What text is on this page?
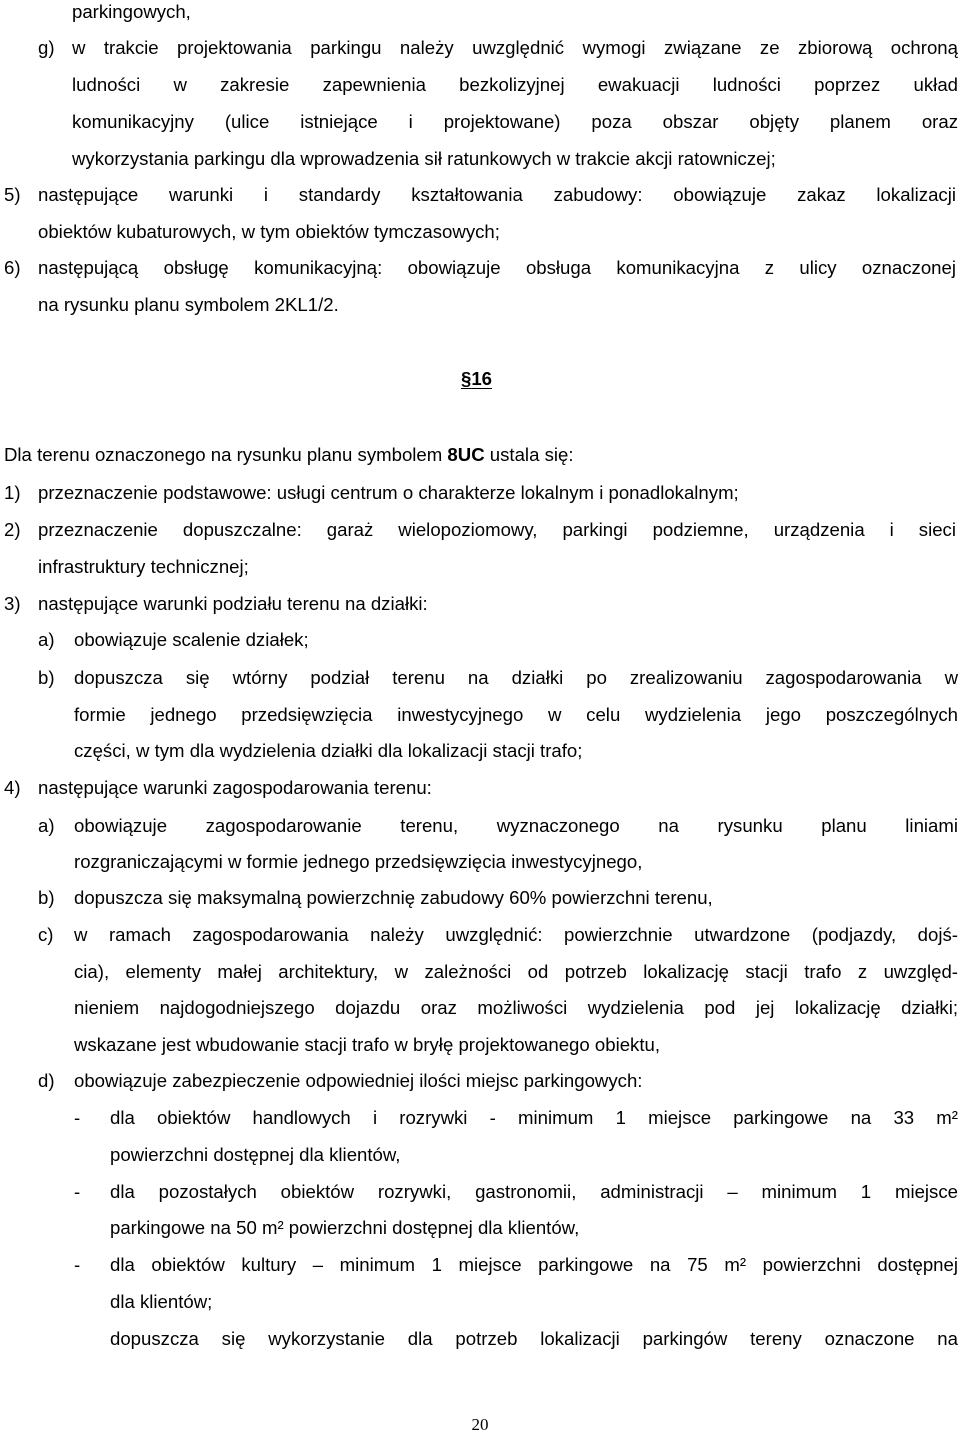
parkingowych,
g) w trakcie projektowania parkingu należy uwzględnić wymogi związane ze zbiorową ochroną
ludności w zakresie zapewnienia bezkolizyjnej ewakuacji ludności poprzez układ
komunikacyjny (ulice istniejące i projektowane) poza obszar objęty planem oraz
wykorzystania parkingu dla wprowadzenia sił ratunkowych w trakcie akcji ratowniczej;
5) następujące warunki i standardy kształtowania zabudowy: obowiązuje zakaz lokalizacji
obiektów kubaturowych, w tym obiektów tymczasowych;
6) następującą obsługę komunikacyjną: obowiązuje obsługa komunikacyjna z ulicy oznaczonej
na rysunku planu symbolem 2KL1/2.
§16
Dla terenu oznaczonego na rysunku planu symbolem 8UC ustala się:
1) przeznaczenie podstawowe: usługi centrum o charakterze lokalnym i ponadlokalnym;
2) przeznaczenie dopuszczalne: garaż wielopoziomowy, parkingi podziemne, urządzenia i sieci
infrastruktury technicznej;
3) następujące warunki podziału terenu na działki:
a) obowiązuje scalenie działek;
b) dopuszcza się wtórny podział terenu na działki po zrealizowaniu zagospodarowania w
formie jednego przedsięwzięcia inwestycyjnego w celu wydzielenia jego poszczególnych
części, w tym dla wydzielenia działki dla lokalizacji stacji trafo;
4) następujące warunki zagospodarowania terenu:
a) obowiązuje zagospodarowanie terenu, wyznaczonego na rysunku planu liniami
rozgraniczającymi w formie jednego przedsięwzięcia inwestycyjnego,
b) dopuszcza się maksymalną powierzchnię zabudowy 60% powierzchni terenu,
c) w ramach zagospodarowania należy uwzględnić: powierzchnie utwardzone (podjazdy, dojś-
cia), elementy małej architektury, w zależności od potrzeb lokalizację stacji trafo z uwzględ-
nieniem najdogodniejszego dojazdu oraz możliwości wydzielenia pod jej lokalizację działki;
wskazane jest wbudowanie stacji trafo w bryłę projektowanego obiektu,
d) obowiązuje zabezpieczenie odpowiedniej ilości miejsc parkingowych:
- dla obiektów handlowych i rozrywki - minimum 1 miejsce parkingowe na 33 m²
powierzchni dostępnej dla klientów,
- dla pozostałych obiektów rozrywki, gastronomii, administracji – minimum 1 miejsce
parkingowe na 50 m² powierzchni dostępnej dla klientów,
- dla obiektów kultury – minimum 1 miejsce parkingowe na 75 m² powierzchni dostępnej
dla klientów;
dopuszcza się wykorzystanie dla potrzeb lokalizacji parkingów tereny oznaczone na
20
